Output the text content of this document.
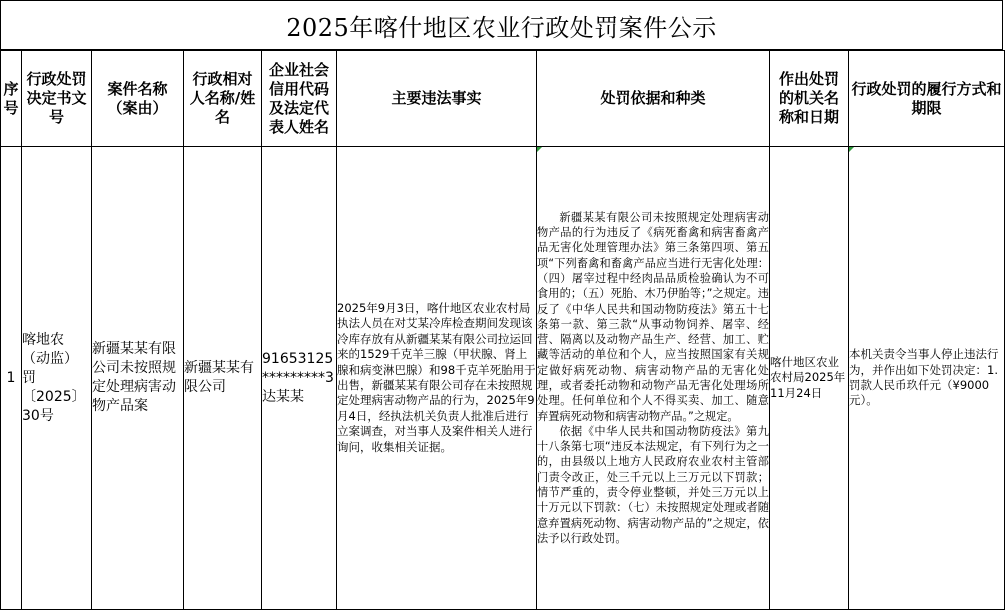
2025年喀什地区农业行政处罚案件公示
序号	行政处罚决定书文号	案件名称（案由）	行政相对人名称/姓名	企业社会信用代码及法定代表人姓名	主要违法事实	处罚依据和种类	作出处罚的机关名称和日期	行政处罚的履行方式和期限
1	喀地农（动监）罚〔2025〕30号	新疆某某有限公司未按照规定处理病害动物产品案	新疆某某有限公司	91653125*********3达某某	2025年9月3日，喀什地区农业农村局执法人员在对艾某冷库检查期间发现该冷库存放有从新疆某某有限公司拉运回来的1529千克羊三腺（甲状腺、肾上腺和病变淋巴腺）和98千克羊死胎用于出售，新疆某某有限公司存在未按照规定处理病害动物产品的行为，2025年9月4日，经执法机关负责人批准后进行立案调查，对当事人及案件相关人进行询问，收集相关证据。	新疆某某有限公司未按照规定处理病害动物产品的行为违反了《病死畜禽和病害畜禽产品无害化处理管理办法》第三条第四项、第五项“下列畜禽和畜禽产品应当进行无害化处理：（四）屠宰过程中经肉品品质检验确认为不可食用的；（五）死胎、木乃伊胎等；”之规定。违反了《中华人民共和国动物防疫法》第五十七条第一款、第三款“从事动物饲养、屠宰、经营、隔离以及动物产品生产、经营、加工、贮藏等活动的单位和个人，应当按照国家有关规定做好病死动物、病害动物产品的无害化处理，或者委托动物和动物产品无害化处理场所处理。任何单位和个人不得买卖、加工、随意弃置病死动物和病害动物产品。”之规定。

依据《中华人民共和国动物防疫法》第九十八条第七项“违反本法规定，有下列行为之一的，由县级以上地方人民政府农业农村主管部门责令改正，处三千元以上三万元以下罚款；情节严重的，责令停业整顿，并处三万元以上十万元以下罚款：（七）未按照规定处理或者随意弃置病死动物、病害动物产品的”之规定，依法予以行政处罚。	喀什地区农业农村局2025年11月24日	本机关责令当事人停止违法行为，并作出如下处罚决定：1.罚款人民币玖仟元（¥9000元）。
